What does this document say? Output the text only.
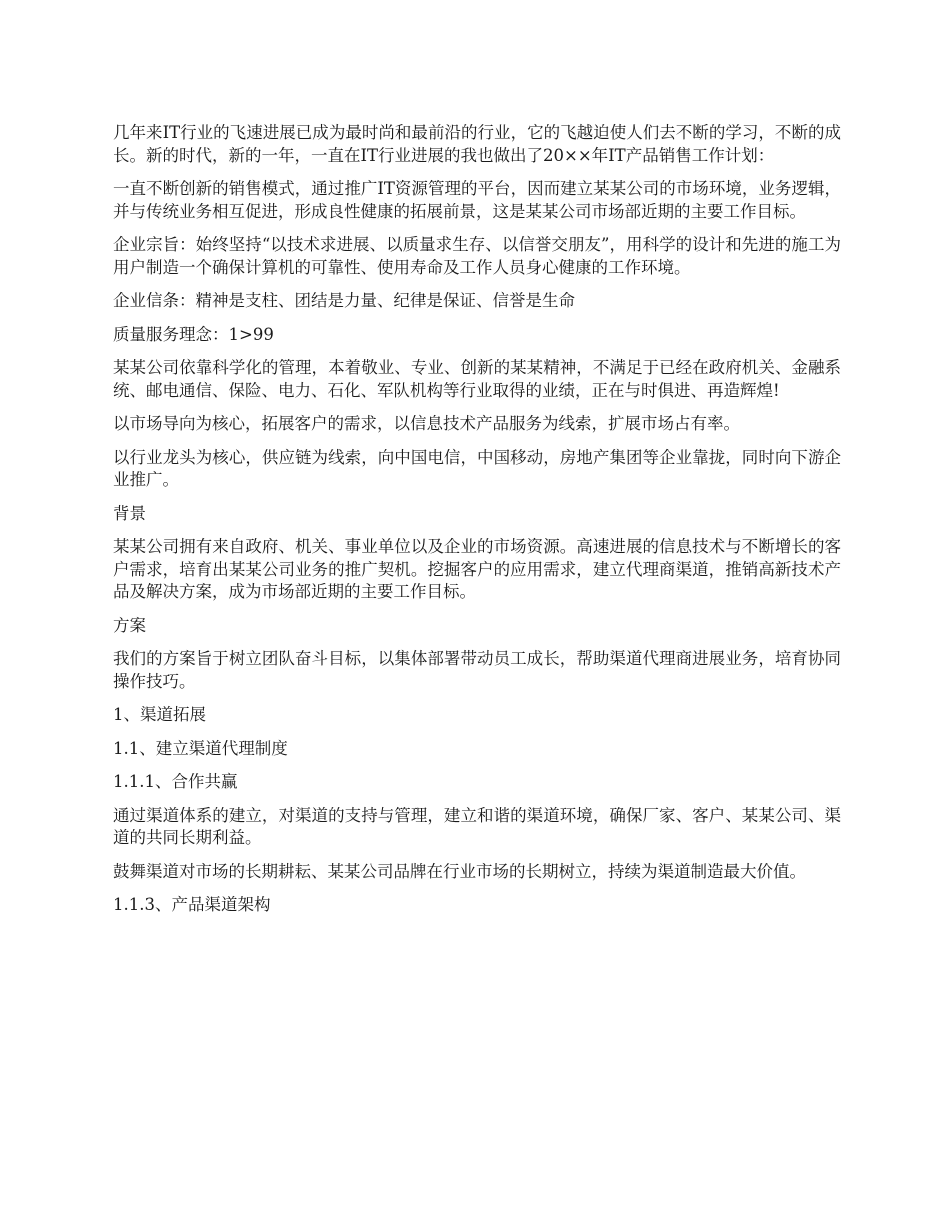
几年来IT行业的飞速进展已成为最时尚和最前沿的行业，它的飞越迫使人们去不断的学习，不断的成长。新的时代，新的一年，一直在IT行业进展的我也做出了20××年IT产品销售工作计划：

一直不断创新的销售模式，通过推广IT资源管理的平台，因而建立某某公司的市场环境，业务逻辑，并与传统业务相互促进，形成良性健康的拓展前景，这是某某公司市场部近期的主要工作目标。

企业宗旨：始终坚持“以技术求进展、以质量求生存、以信誉交朋友”，用科学的设计和先进的施工为用户制造一个确保计算机的可靠性、使用寿命及工作人员身心健康的工作环境。

企业信条：精神是支柱、团结是力量、纪律是保证、信誉是生命

质量服务理念：1>99

某某公司依靠科学化的管理，本着敬业、专业、创新的某某精神，不满足于已经在政府机关、金融系统、邮电通信、保险、电力、石化、军队机构等行业取得的业绩，正在与时俱进、再造辉煌!

以市场导向为核心，拓展客户的需求，以信息技术产品服务为线索，扩展市场占有率。

以行业龙头为核心，供应链为线索，向中国电信，中国移动，房地产集团等企业靠拢，同时向下游企业推广。

背景

某某公司拥有来自政府、机关、事业单位以及企业的市场资源。高速进展的信息技术与不断增长的客户需求，培育出某某公司业务的推广契机。挖掘客户的应用需求，建立代理商渠道，推销高新技术产品及解决方案，成为市场部近期的主要工作目标。

方案

我们的方案旨于树立团队奋斗目标，以集体部署带动员工成长，帮助渠道代理商进展业务，培育协同操作技巧。

1、渠道拓展

1.1、建立渠道代理制度

1.1.1、合作共赢

通过渠道体系的建立，对渠道的支持与管理，建立和谐的渠道环境，确保厂家、客户、某某公司、渠道的共同长期利益。

鼓舞渠道对市场的长期耕耘、某某公司品牌在行业市场的长期树立，持续为渠道制造最大价值。

1.1.3、产品渠道架构
